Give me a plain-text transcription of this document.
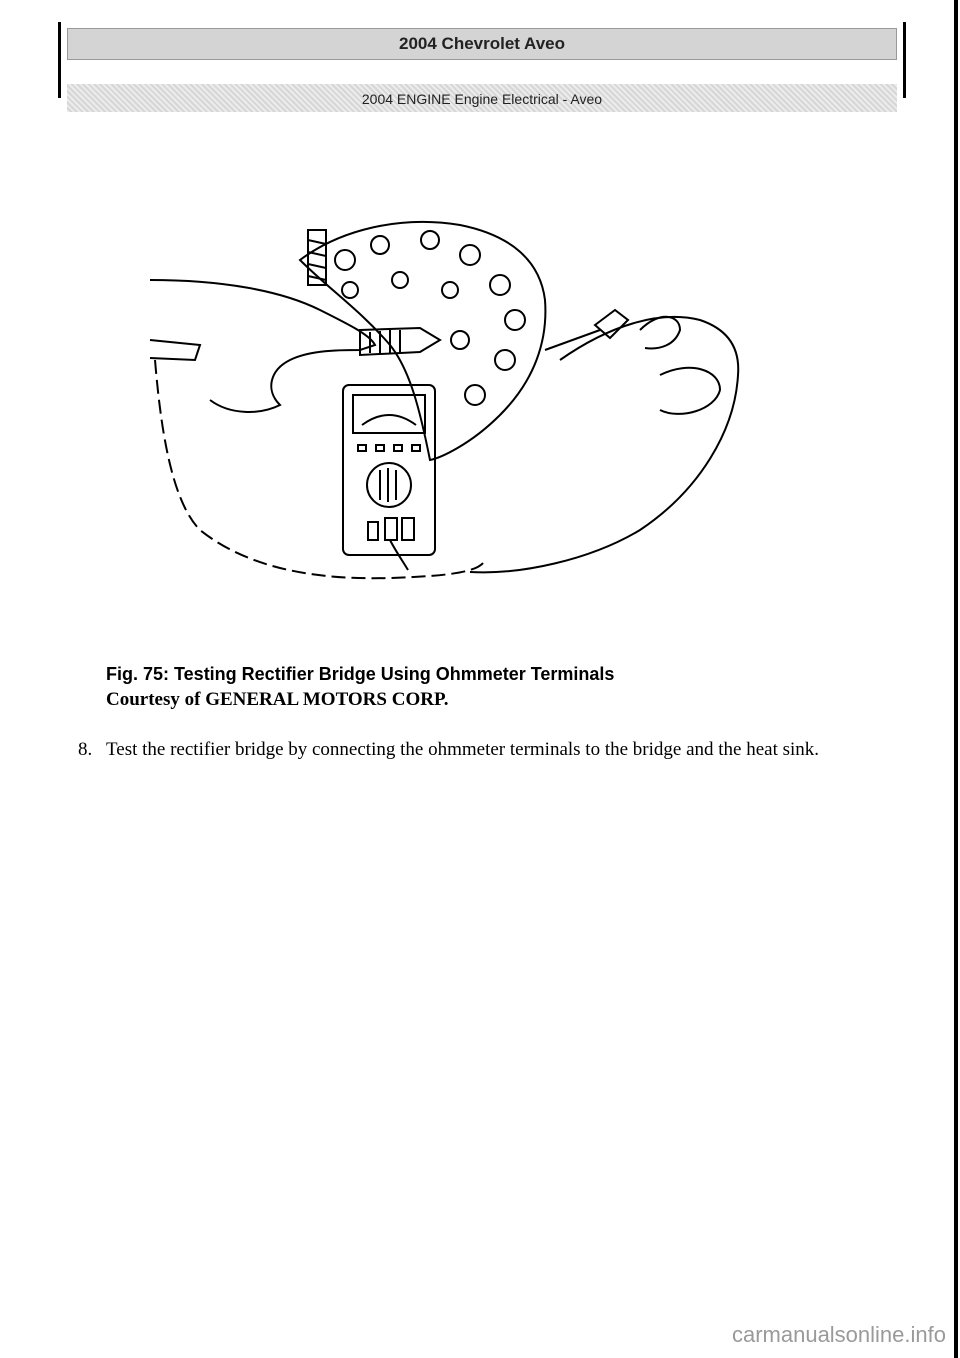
2004 Chevrolet Aveo
2004 ENGINE Engine Electrical - Aveo
Fig. 75: Testing Rectifier Bridge Using Ohmmeter Terminals
Courtesy of GENERAL MOTORS CORP.
8. Test the rectifier bridge by connecting the ohmmeter terminals to the bridge and the heat sink.
carmanualsonline.info
